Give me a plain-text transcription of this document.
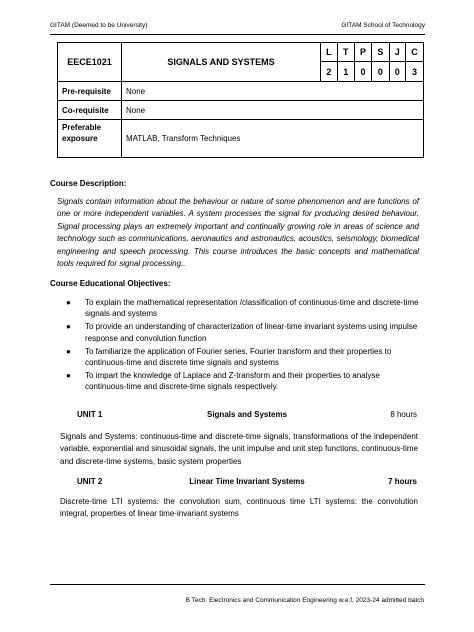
GITAM (Deemed to be University)	GITAM School of Technology
EECE1021	SIGNALS AND SYSTEMS	L	T	P	S	J	C
		2	1	0	0	0	3
Pre-requisite	None						
Co-requisite	None						
Preferable
exposure	MATLAB, Transform Techniques						
Course Description:
Signals contain information about the behaviour or nature of some phenomenon and are functions of one or more independent variables. A system processes the signal for producing desired behaviour. Signal processing plays an extremely important and continually growing role in areas of science and technology such as communications, aeronautics and astronautics, acoustics, seismology, biomedical engineering and speech processing. This course introduces the basic concepts and mathematical tools required for signal processing..
Course Educational Objectives:
● To explain the mathematical representation /classification of continuous-time and discrete-time signals and systems
● To provide an understanding of characterization of linear-time invariant systems using impulse response and convolution function
● To familiarize the application of Fourier series, Fourier transform and their properties to continuous-time and discrete time signals and systems
● To impart the knowledge of Laplace and Z-transform and their properties to analyse continuous-time and discrete-time signals respectively.
UNIT 1	Signals and Systems	8 hours
Signals and Systems: continuous-time and discrete-time signals, transformations of the independent variable, exponential and sinusoidal signals, the unit impulse and unit step functions, continuous-time and discrete-time systems, basic system properties
UNIT 2	Linear Time Invariant Systems	7 hours
Discrete-time LTI systems: the convolution sum, continuous time LTI systems: the convolution integral, properties of linear time-invariant systems
B Tech. Electronics and Communication Engineering w.e.f. 2023-24 admitted batch
